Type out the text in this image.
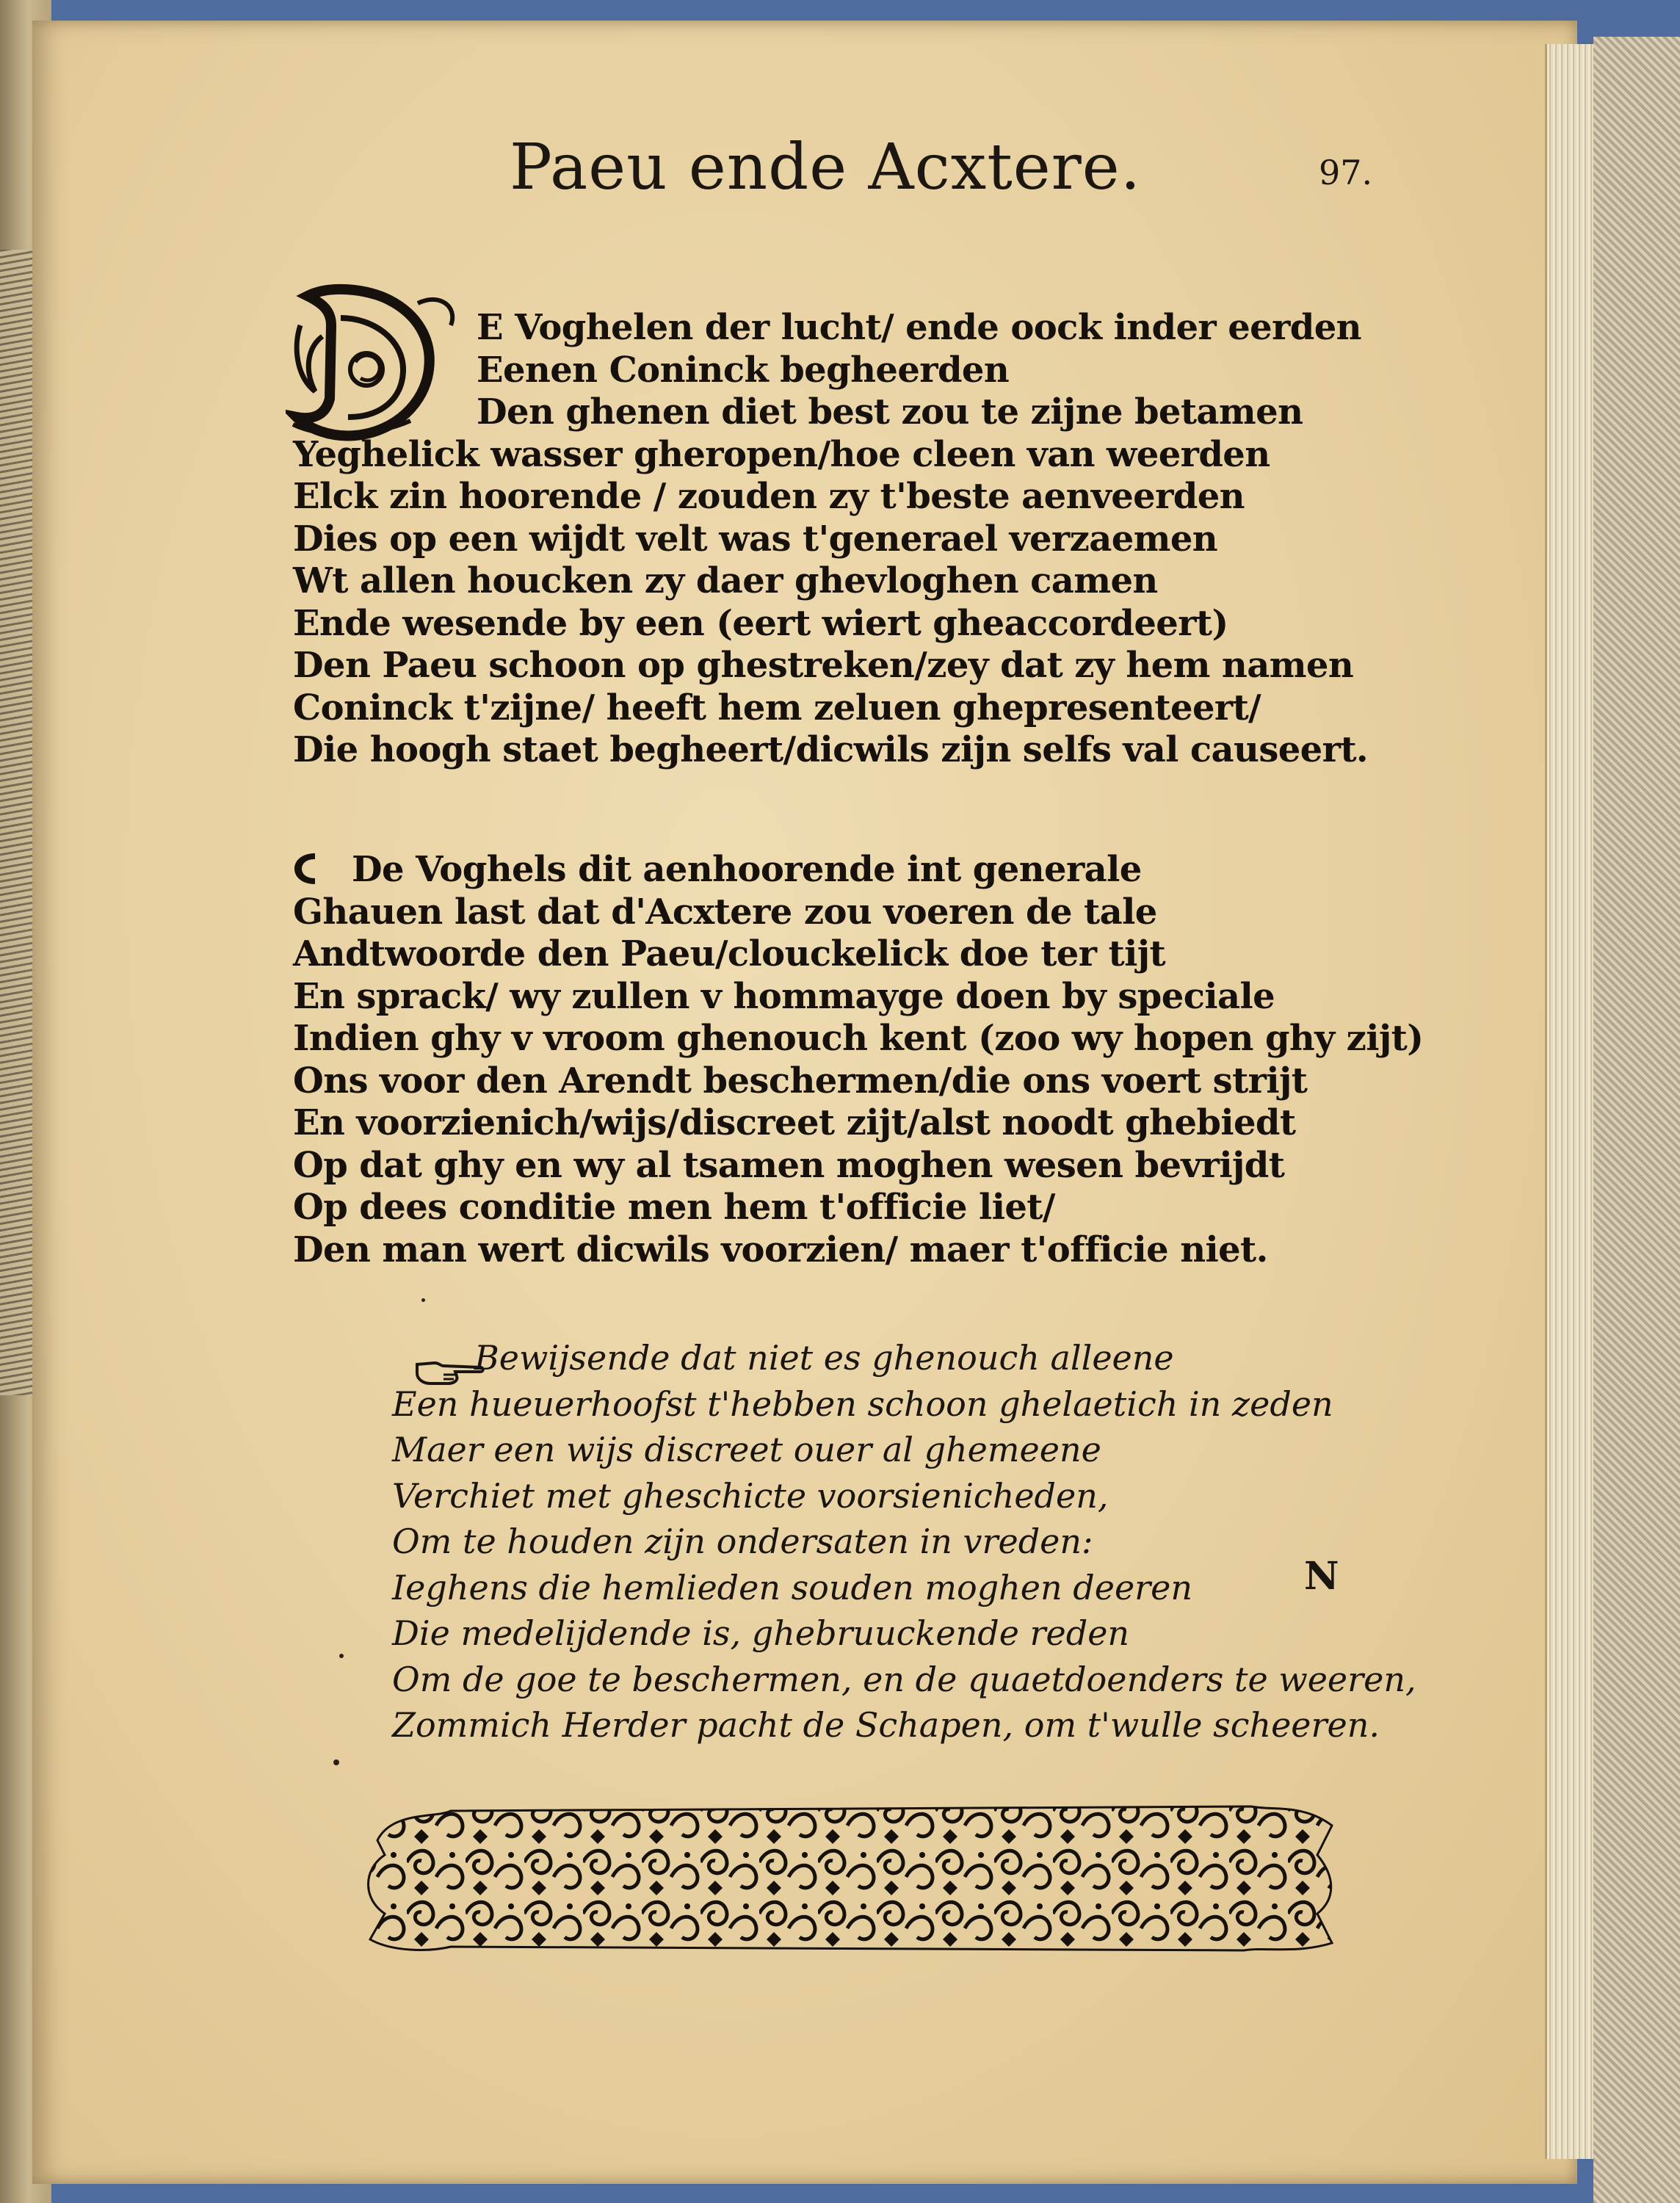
Paeu ende Acxtere.	97.
E Voghelen der lucht/ ende oock inder eerden
Eenen Coninck begheerden
Den ghenen diet best zou te zijne betamen
Yeghelick wasser gheropen/hoe cleen van weerden
Elck zin hoorende / zouden zy t'beste aenveerden
Dies op een wijdt velt was t'generael verzaemen
Wt allen houcken zy daer ghevloghen camen
Ende wesende by een (eert wiert gheaccordeert)
Den Paeu schoon op ghestreken/zey dat zy hem namen
Coninck t'zijne/ heeft hem zeluen ghepresenteert/
Die hoogh staet begheert/dicwils zijn selfs val causeert.
De Voghels dit aenhoorende int generale
Ghauen last dat d'Acxtere zou voeren de tale
Andtwoorde den Paeu/clouckelick doe ter tijt
En sprack/ wy zullen v hommayge doen by speciale
Indien ghy v vroom ghenouch kent (zoo wy hopen ghy zijt)
Ons voor den Arendt beschermen/die ons voert strijt
En voorzienich/wijs/discreet zijt/alst noodt ghebiedt
Op dat ghy en wy al tsamen moghen wesen bevrijdt
Op dees conditie men hem t'officie liet/
Den man wert dicwils voorzien/ maer t'officie niet.
Bewijsende dat niet es ghenouch alleene
Een hueuerhoofst t'hebben schoon ghelaetich in zeden
Maer een wijs discreet ouer al ghemeene
Verchiet met gheschicte voorsienicheden,
Om te houden zijn ondersaten in vreden:
Ieghens die hemlieden souden moghen deeren
Die medelijdende is, ghebruuckende reden
Om de goe te beschermen, en de quaetdoenders te weeren,
Zommich Herder pacht de Schapen, om t'wulle scheeren.
N
